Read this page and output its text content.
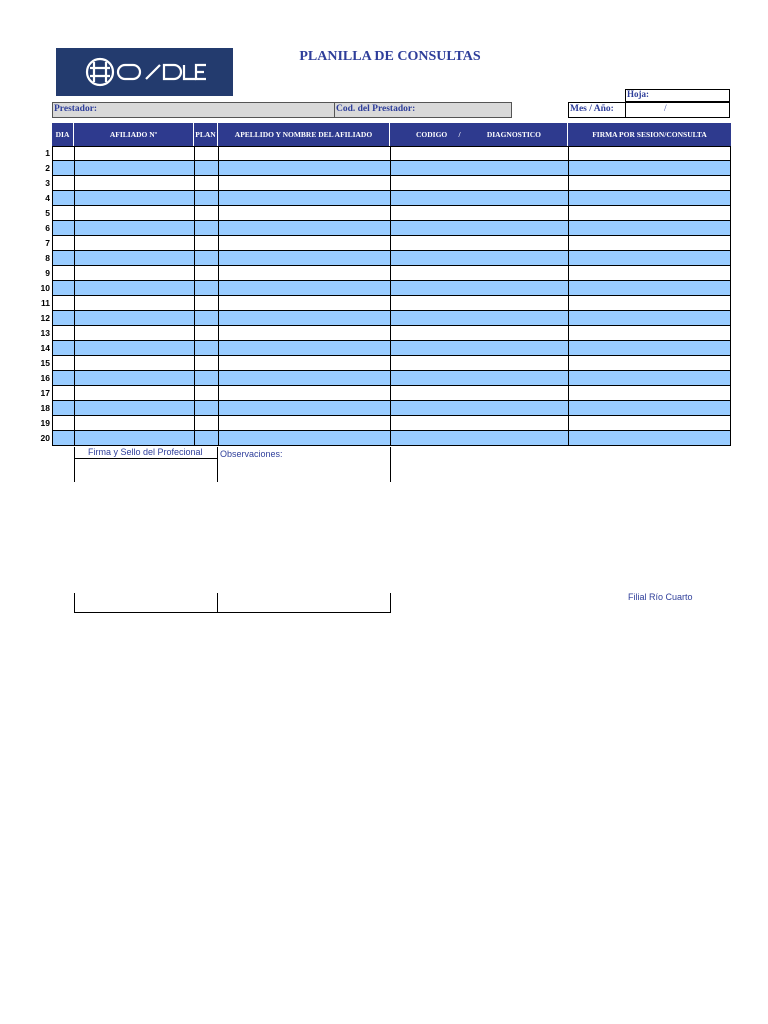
PLANILLA DE CONSULTAS
Hoja:
Prestador:	Cod. del Prestador:	Mes / Año:	/
DIA	AFILIADO Nº	PLAN	APELLIDO Y NOMBRE DEL AFILIADO	CODIGO      /              DIAGNOSTICO	FIRMA POR SESION/CONSULTA
1
2
3
4
5
6
7
8
9
10
11
12
13
14
15
16
17
18
19
20
Firma y Sello del Profecional Observaciones:
Filial Río Cuarto
